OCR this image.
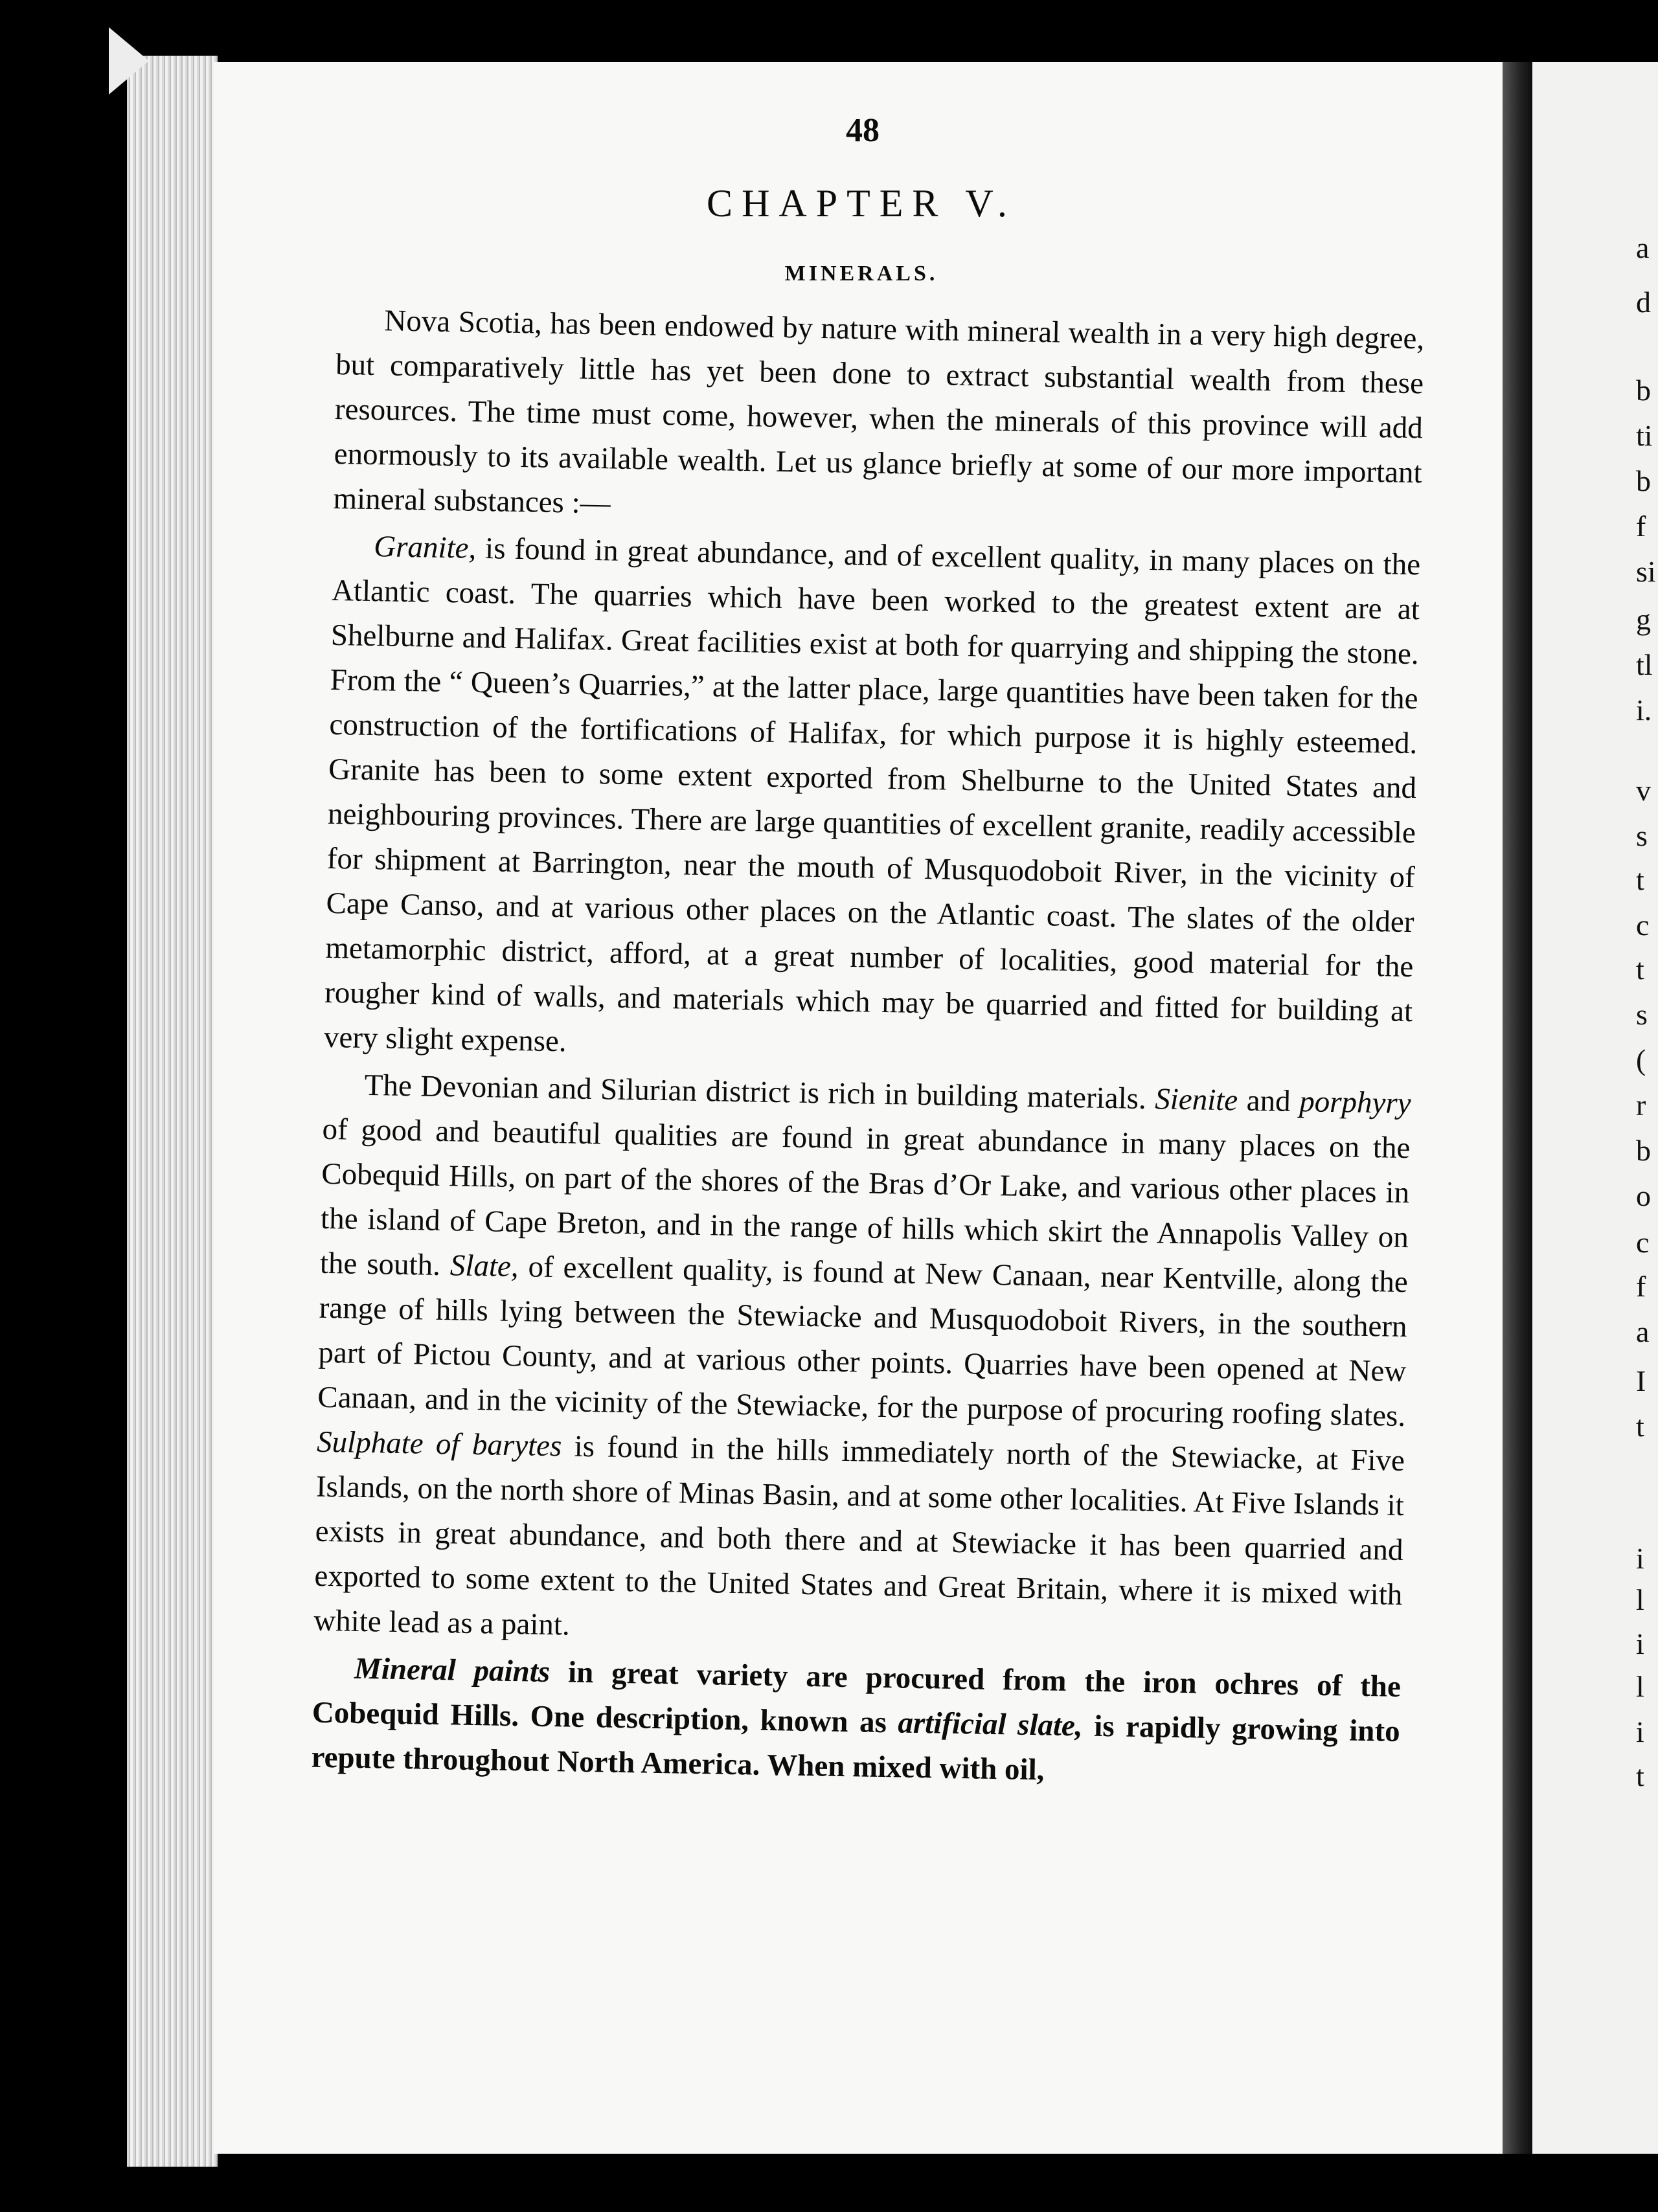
48
CHAPTER V.
MINERALS.

Nova Scotia, has been endowed by nature with mineral wealth in a very high degree, but comparatively little has yet been done to extract substantial wealth from these resources. The time must come, however, when the minerals of this province will add enormously to its available wealth. Let us glance briefly at some of our more important mineral substances :—

Granite, is found in great abundance, and of excellent quality, in many places on the Atlantic coast. The quarries which have been worked to the greatest extent are at Shelburne and Halifax. Great facilities exist at both for quarrying and shipping the stone. From the “ Queen’s Quarries,” at the latter place, large quantities have been taken for the construction of the fortifications of Halifax, for which purpose it is highly esteemed. Granite has been to some extent exported from Shelburne to the United States and neighbouring provinces. There are large quantities of excellent granite, readily accessible for shipment at Barrington, near the mouth of Musquodoboit River, in the vicinity of Cape Canso, and at various other places on the Atlantic coast. The slates of the older metamorphic district, afford, at a great number of localities, good material for the rougher kind of walls, and materials which may be quarried and fitted for building at very slight expense.

The Devonian and Silurian district is rich in building materials. Sienite and porphyry of good and beautiful qualities are found in great abundance in many places on the Cobequid Hills, on part of the shores of the Bras d’Or Lake, and various other places in the island of Cape Breton, and in the range of hills which skirt the Annapolis Valley on the south. Slate, of excellent quality, is found at New Canaan, near Kentville, along the range of hills lying between the Stewiacke and Musquodoboit Rivers, in the southern part of Pictou County, and at various other points. Quarries have been opened at New Canaan, and in the vicinity of the Stewiacke, for the purpose of procuring roofing slates. Sulphate of barytes is found in the hills immediately north of the Stewiacke, at Five Islands, on the north shore of Minas Basin, and at some other localities. At Five Islands it exists in great abundance, and both there and at Stewiacke it has been quarried and exported to some extent to the United States and Great Britain, where it is mixed with white lead as a paint.

Mineral paints in great variety are procured from the iron ochres of the Cobequid Hills. One description, known as artificial slate, is rapidly growing into repute throughout North America. When mixed with oil,

a
d
b
ti
b
f
si
g
tl
i.
v
s
t
c
t
s
(
r
b
o
c
f
a
I
t
i
l
i
l
i
t
